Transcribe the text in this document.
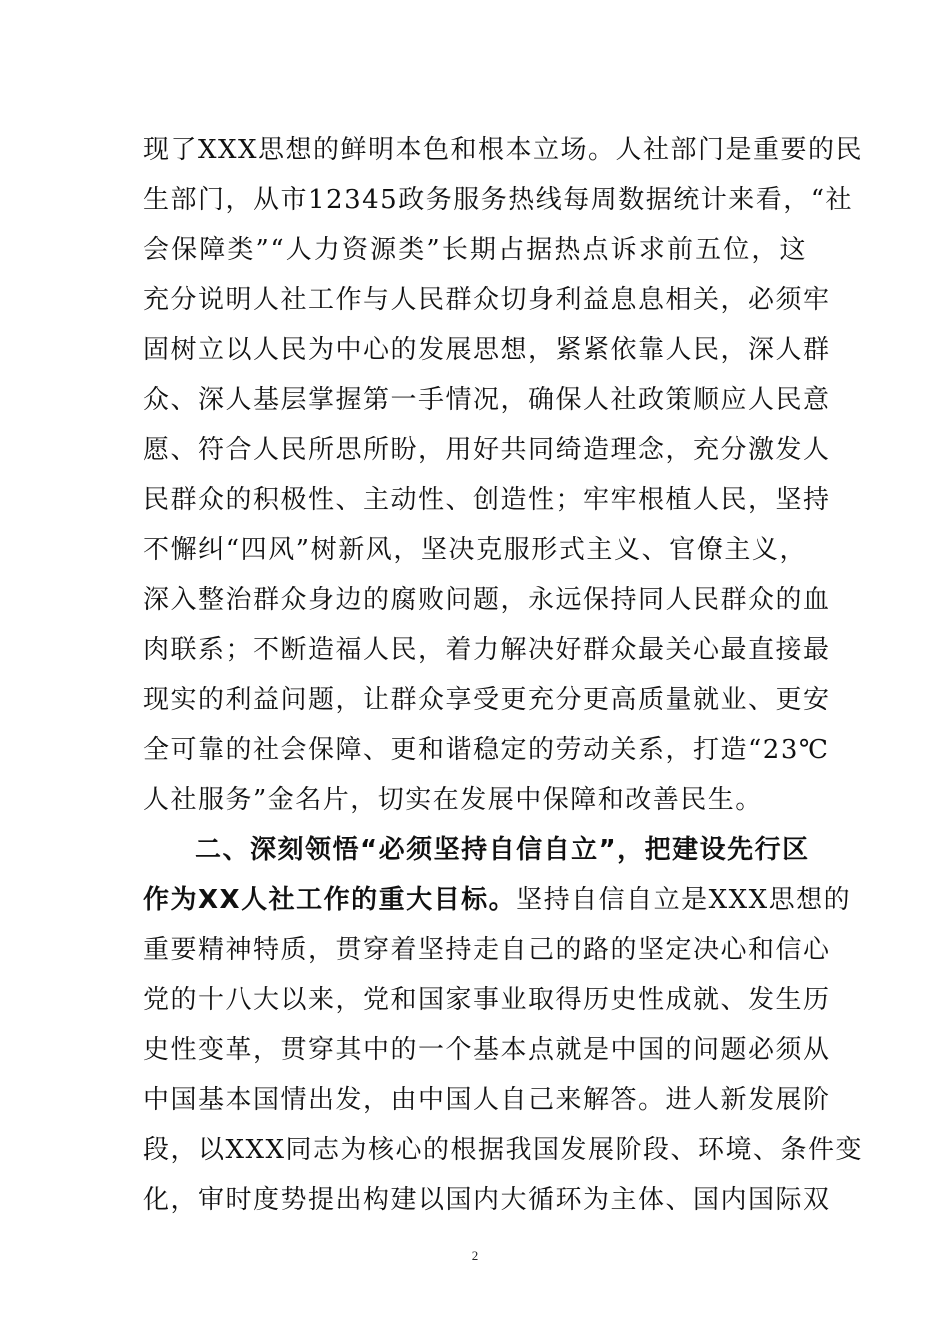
现了XXX思想的鲜明本色和根本立场。人社部门是重要的民
生部门，从市12345政务服务热线每周数据统计来看，“社
会保障类”“人力资源类”长期占据热点诉求前五位，这
充分说明人社工作与人民群众切身利益息息相关，必须牢
固树立以人民为中心的发展思想，紧紧依靠人民，深人群
众、深人基层掌握第一手情况，确保人社政策顺应人民意
愿、符合人民所思所盼，用好共同绮造理念，充分激发人
民群众的积极性、主动性、创造性；牢牢根植人民，坚持
不懈纠“四风”树新风，坚决克服形式主义、官僚主义，
深入整治群众身边的腐败问题，永远保持同人民群众的血
肉联系；不断造福人民，着力解决好群众最关心最直接最
现实的利益问题，让群众享受更充分更高质量就业、更安
全可靠的社会保障、更和谐稳定的劳动关系，打造“23℃
人社服务”金名片，切实在发展中保障和改善民生。
二、深刻领悟“必须坚持自信自立”，把建设先行区
作为XX人社工作的重大目标。坚持自信自立是XXX思想的
重要精神特质，贯穿着坚持走自己的路的坚定决心和信心
党的十八大以来，党和国家事业取得历史性成就、发生历
史性变革，贯穿其中的一个基本点就是中国的问题必须从
中国基本国情出发，由中国人自己来解答。进人新发展阶
段，以XXX同志为核心的根据我国发展阶段、环境、条件变
化，审时度势提出构建以国内大循环为主体、国内国际双
2
